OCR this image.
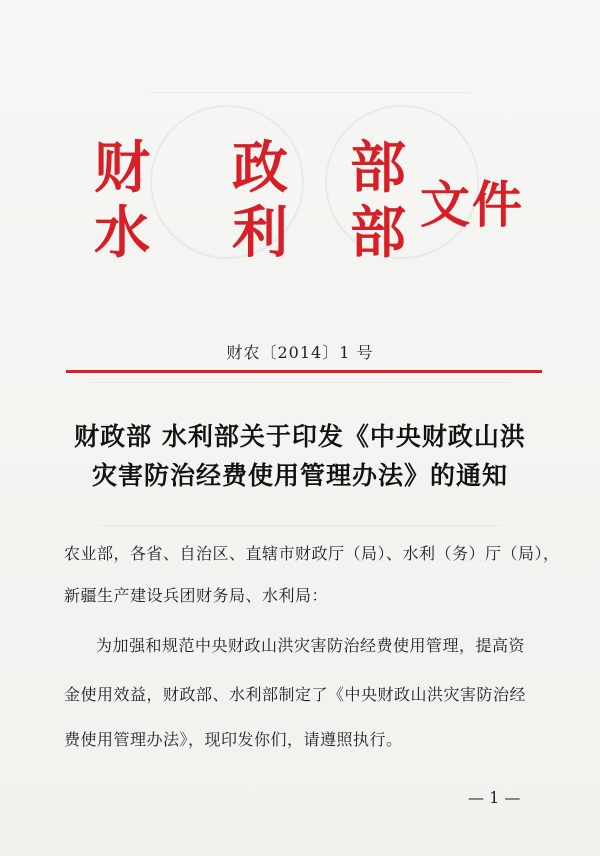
财 政 部
水 利 部 文件
财农〔2014〕1 号
财政部 水利部关于印发《中央财政山洪
灾害防治经费使用管理办法》的通知
农业部，各省、自治区、直辖市财政厅（局）、水利（务）厅（局），
新疆生产建设兵团财务局、水利局：
为加强和规范中央财政山洪灾害防治经费使用管理，提高资
金使用效益，财政部、水利部制定了《中央财政山洪灾害防治经
费使用管理办法》，现印发你们，请遵照执行。
— 1 —
